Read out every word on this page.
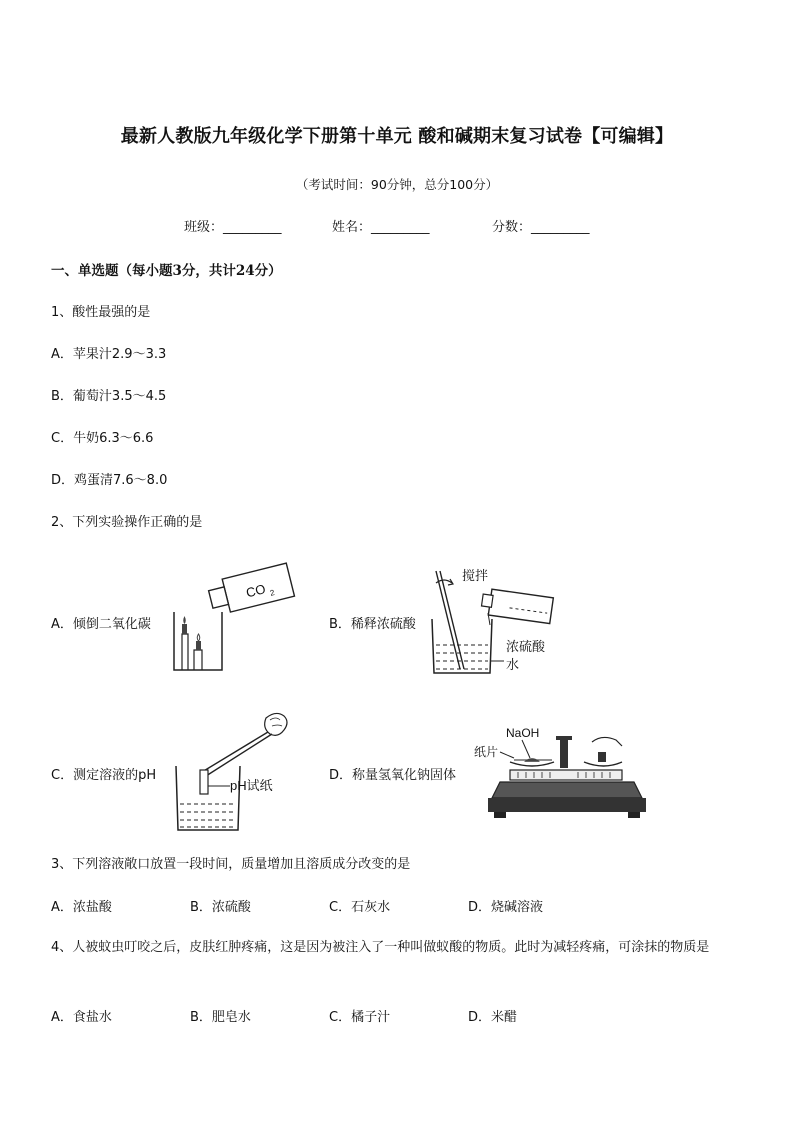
最新人教版九年级化学下册第十单元 酸和碱期末复习试卷【可编辑】
（考试时间：90分钟，总分100分）
班级：_________	姓名：_________	分数：_________
一、单选题（每小题3分，共计24分）
1、酸性最强的是
A．苹果汁2.9～3.3
B．葡萄汁3.5～4.5
C．牛奶6.3～6.6
D．鸡蛋清7.6～8.0
2、下列实验操作正确的是
A．倾倒二氧化碳	B．稀释浓硫酸
C．测定溶液的pH	D．称量氢氧化钠固体
CO 2
搅拌
浓硫酸
水
pH试纸
NaOH
纸片
3、下列溶液敞口放置一段时间，质量增加且溶质成分改变的是
A．浓盐酸	B．浓硫酸	C．石灰水	D．烧碱溶液
4、人被蚊虫叮咬之后，皮肤红肿疼痛，这是因为被注入了一种叫做蚁酸的物质。此时为减轻疼痛，可涂抹的物质是
A．食盐水	B．肥皂水	C．橘子汁	D．米醋
